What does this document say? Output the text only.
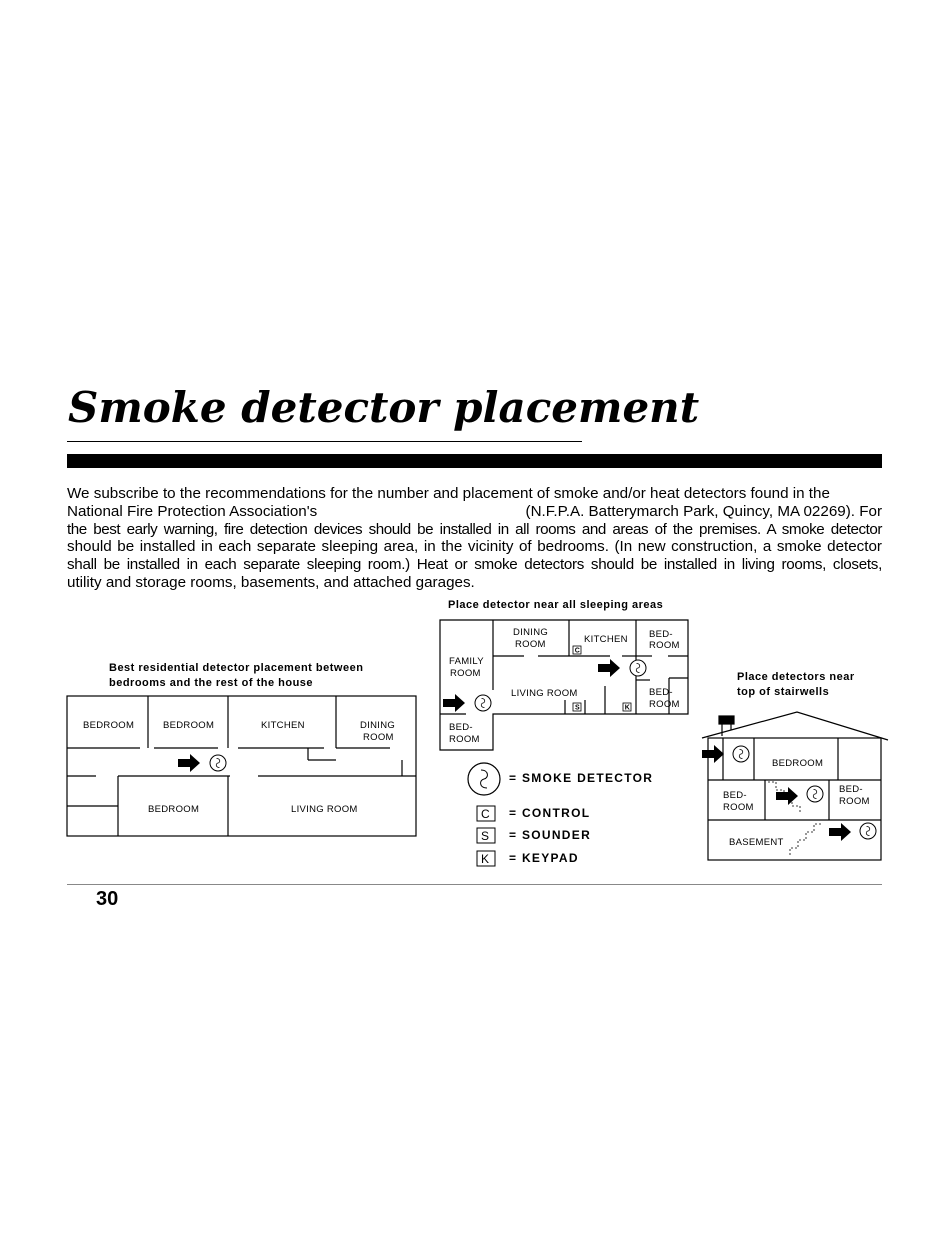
Smoke detector placement
We subscribe to the recommendations for the number and placement of smoke and/or heat detectors found in the
National Fire Protection Association's	(N.F.P.A. Batterymarch Park, Quincy, MA 02269). For
the best early warning, fire detection devices should be installed in all rooms and areas of the premises. A smoke detector
should be installed in each separate sleeping area, in the vicinity of bedrooms. (In new construction, a smoke detector
shall be installed in each separate sleeping room.) Heat or smoke detectors should be installed in living rooms, closets,
utility and storage rooms, basements, and attached garages.
Best residential detector placement between
bedrooms and the rest of the house
BEDROOM	BEDROOM	KITCHEN	DINING
ROOM
BEDROOM	LIVING ROOM
Place detector near all sleeping areas
DINING
ROOM	KITCHEN BED-
ROOM
FAMILY
ROOM
LIVING ROOM	BED-
ROOM
BED-
ROOM
C
S	K
= SMOKE DETECTOR
C = CONTROL
S = SOUNDER
K = KEYPAD
Place detectors near
top of stairwells
BEDROOM
BED-
ROOM
BED-
ROOM
BASEMENT
30
